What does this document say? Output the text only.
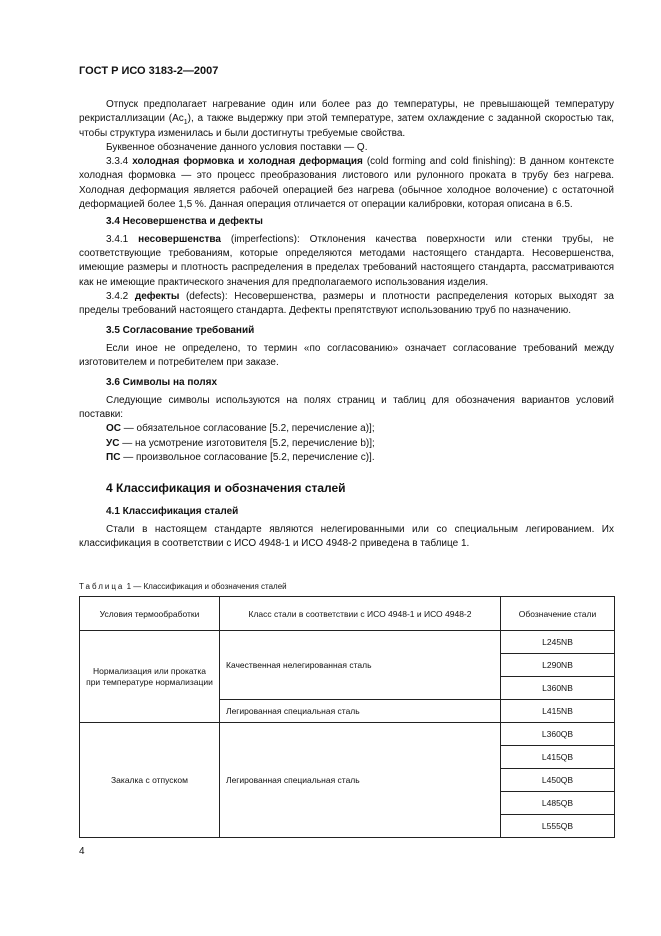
ГОСТ Р ИСО 3183-2—2007

Отпуск предполагает нагревание один или более раз до температуры, не превышающей температуру рекристаллизации $(Ac_1)$, а также выдержку при этой температуре, затем охлаждение с заданной скоростью так, чтобы структура изменилась и были достигнуты требуемые свойства.

Буквенное обозначение данного условия поставки — Q.

3.3.4 холодная формовка и холодная деформация (cold forming and cold finishing): В данном контексте холодная формовка — это процесс преобразования листового или рулонного проката в трубу без нагрева. Холодная деформация является рабочей операцией без нагрева (обычное холодное волочение) с остаточной деформацией более 1,5 %. Данная операция отличается от операции калибровки, которая описана в 6.5.

3.4 Несовершенства и дефекты

3.4.1 несовершенства (imperfections): Отклонения качества поверхности или стенки трубы, не соответствующие требованиям, которые определяются методами настоящего стандарта. Несовершенства, имеющие размеры и плотность распределения в пределах требований настоящего стандарта, рассматриваются как не имеющие практического значения для предполагаемого использования изделия.

3.4.2 дефекты (defects): Несовершенства, размеры и плотности распределения которых выходят за пределы требований настоящего стандарта. Дефекты препятствуют использованию труб по назначению.

3.5 Согласование требований

Если иное не определено, то термин «по согласованию» означает согласование требований между изготовителем и потребителем при заказе.

3.6 Символы на полях

Следующие символы используются на полях страниц и таблиц для обозначения вариантов условий поставки:

ОС — обязательное согласование [5.2, перечисление а)];

УС — на усмотрение изготовителя [5.2, перечисление b)];

ПС — произвольное согласование [5.2, перечисление с)].

4 Классификация и обозначения сталей

4.1 Классификация сталей

Стали в настоящем стандарте являются нелегированными или со специальным легированием. Их классификация в соответствии с ИСО 4948-1 и ИСО 4948-2 приведена в таблице 1.

Таблица 1 — Классификация и обозначения сталей
Условия термообработки	Класс стали в соответствии с ИСО 4948-1 и ИСО 4948-2	Обозначение стали
Нормализация или прокатка при температуре нормализации	Качественная нелегированная сталь	L245NB
		L290NB
		L360NB
	Легированная специальная сталь	L415NB
Закалка с отпуском	Легированная специальная сталь	L360QB
		L415QB
		L450QB
		L485QB
		L555QB
4
